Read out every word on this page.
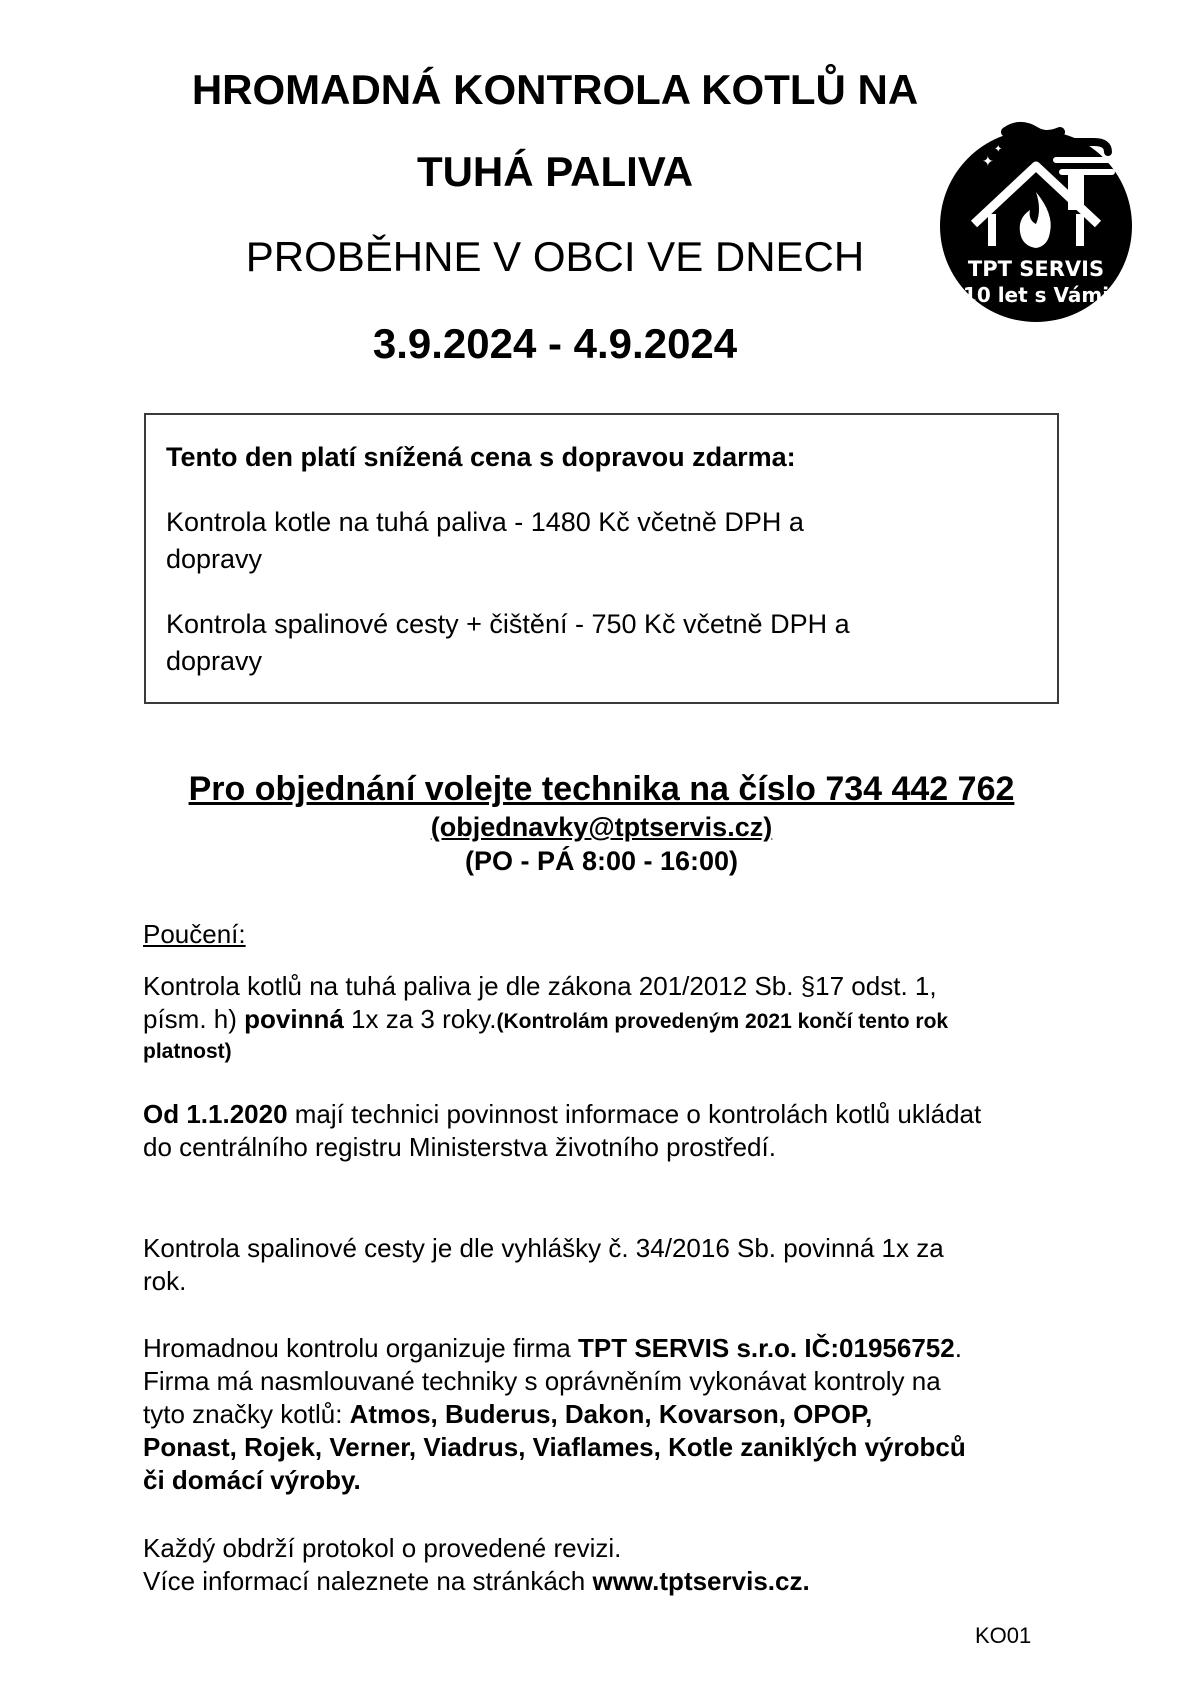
HROMADNÁ KONTROLA KOTLŮ NA
TUHÁ PALIVA
PROBĚHNE V OBCI VE DNECH
3.9.2024 - 4.9.2024
✦
✦
TPT SERVIS
10 let s Vámi
Tento den platí snížená cena s dopravou zdarma:
Kontrola kotle na tuhá paliva - 1480 Kč včetně DPH a
dopravy
Kontrola spalinové cesty + čištění - 750 Kč včetně DPH a
dopravy
Pro objednání volejte technika na číslo 734 442 762
(objednavky@tptservis.cz)
(PO - PÁ 8:00 - 16:00)
Poučení:
Kontrola kotlů na tuhá paliva je dle zákona 201/2012 Sb. §17 odst. 1,
písm. h) povinná 1x za 3 roky.(Kontrolám provedeným 2021 končí tento rok
platnost)
Od 1.1.2020 mají technici povinnost informace o kontrolách kotlů ukládat
do centrálního registru Ministerstva životního prostředí.
Kontrola spalinové cesty je dle vyhlášky č. 34/2016 Sb. povinná 1x za
rok.
Hromadnou kontrolu organizuje firma TPT SERVIS s.r.o. IČ:01956752.
Firma má nasmlouvané techniky s oprávněním vykonávat kontroly na
tyto značky kotlů: Atmos, Buderus, Dakon, Kovarson, OPOP,
Ponast, Rojek, Verner, Viadrus, Viaflames, Kotle zaniklých výrobců
či domácí výroby.
Každý obdrží protokol o provedené revizi.
Více informací naleznete na stránkách www.tptservis.cz.
KO01
